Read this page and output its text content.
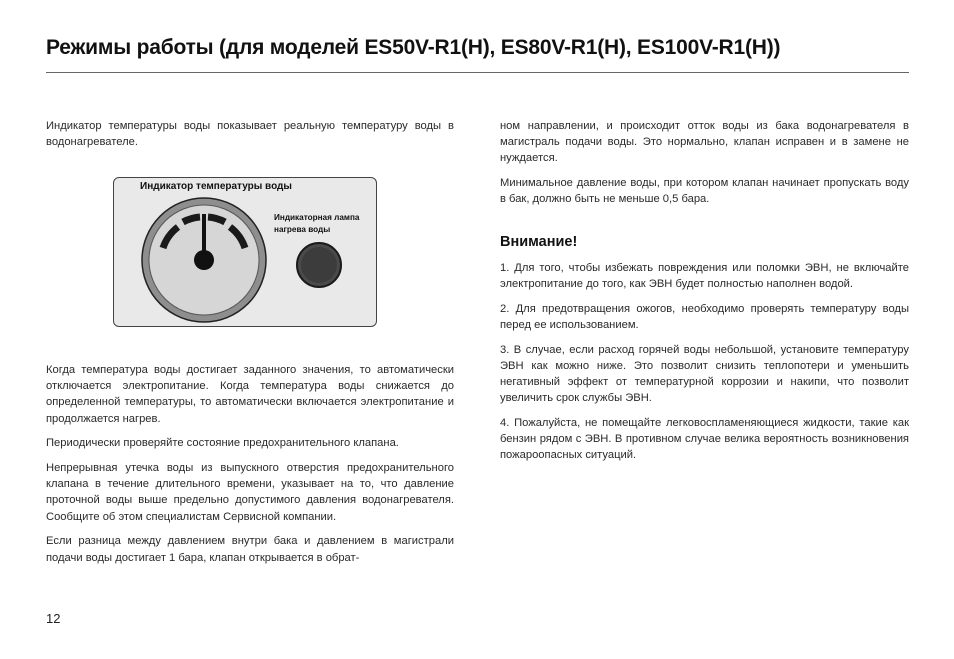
Режимы работы (для моделей ES50V-R1(H), ES80V-R1(H), ES100V-R1(H))

Индикатор температуры воды показывает реальную температуру воды в водонагревателе.

Индикатор температуры воды
Индикаторная лампа нагрева воды

Когда температура воды достигает заданного значения, то автоматически отключается электропитание. Когда температура воды снижается до определенной температуры, то автоматически включается электропитание и продолжается нагрев.

Периодически проверяйте состояние предохранительного клапана.

Непрерывная утечка воды из выпускного отверстия предохранительного клапана в течение длительного времени, указывает на то, что давление проточной воды выше предельно допустимого давления водонагревателя. Сообщите об этом специалистам Сервисной компании.

Если разница между давлением внутри бака и давлением в магистрали подачи воды достигает 1 бара, клапан открывается в обрат-

ном направлении, и происходит отток воды из бака водонагревателя в магистраль подачи воды. Это нормально, клапан исправен и в замене не нуждается.

Минимальное давление воды, при котором клапан начинает пропускать воду в бак, должно быть не меньше 0,5 бара.

Внимание!

1. Для того, чтобы избежать повреждения или поломки ЭВН, не включайте электропитание до того, как ЭВН будет полностью наполнен водой.

2. Для предотвращения ожогов, необходимо проверять температуру воды перед ее использованием.

3. В случае, если расход горячей воды небольшой, установите температуру ЭВН как можно ниже. Это позволит снизить теплопотери и уменьшить негативный эффект от температурной коррозии и накипи, что позволит увеличить срок службы ЭВН.

4. Пожалуйста, не помещайте легковоспламеняющиеся жидкости, такие как бензин рядом с ЭВН. В противном случае велика вероятность возникновения пожароопасных ситуаций.

12
